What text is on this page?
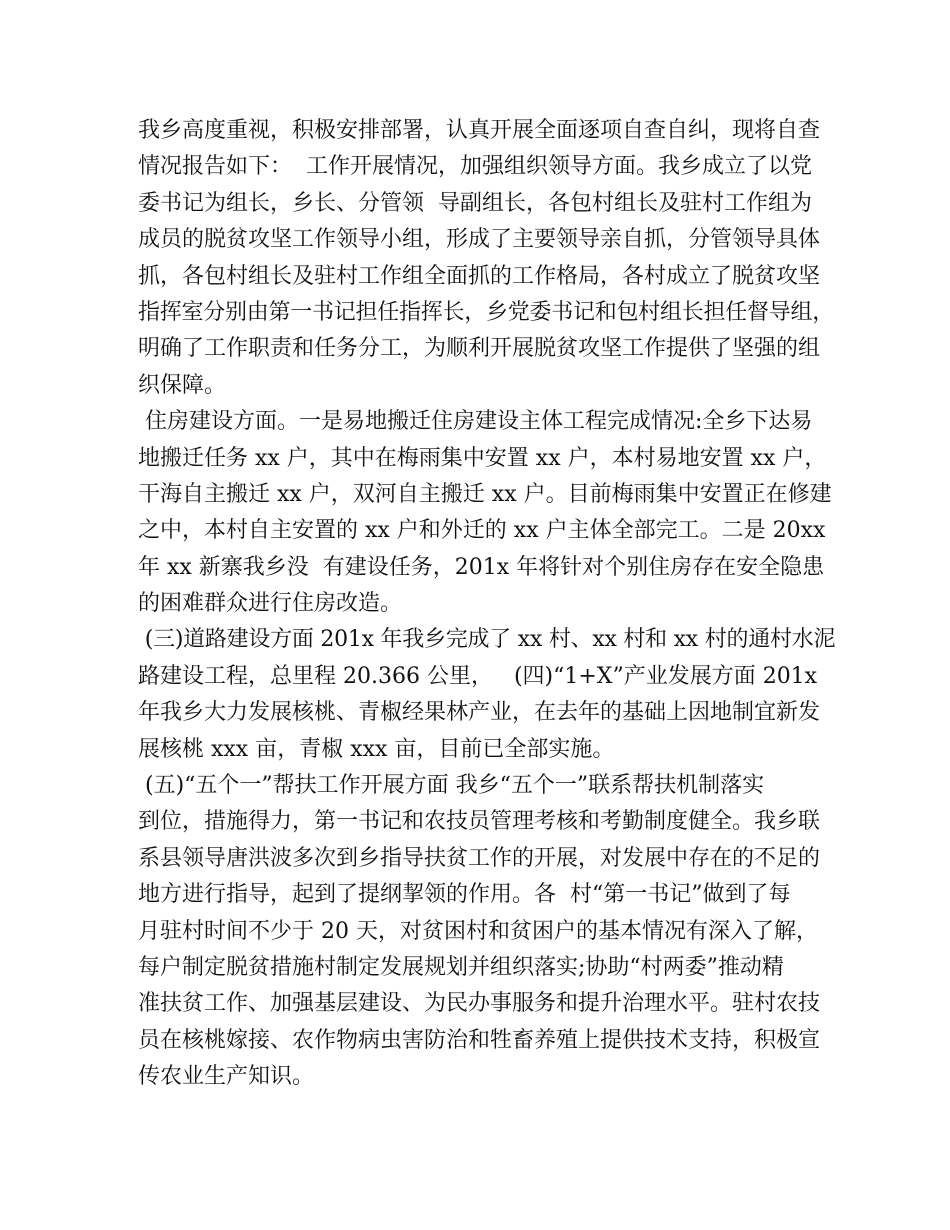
我乡高度重视，积极安排部署，认真开展全面逐项自查自纠，现将自查
情况报告如下：  工作开展情况，加强组织领导方面。我乡成立了以党
委书记为组长，乡长、分管领  导副组长，各包村组长及驻村工作组为
成员的脱贫攻坚工作领导小组，形成了主要领导亲自抓，分管领导具体
抓，各包村组长及驻村工作组全面抓的工作格局，各村成立了脱贫攻坚
指挥室分别由第一书记担任指挥长，乡党委书记和包村组长担任督导组，
明确了工作职责和任务分工，为顺利开展脱贫攻坚工作提供了坚强的组
织保障。
住房建设方面。一是易地搬迁住房建设主体工程完成情况:全乡下达易
地搬迁任务 xx 户，其中在梅雨集中安置 xx 户，本村易地安置 xx 户，
干海自主搬迁 xx 户，双河自主搬迁 xx 户。目前梅雨集中安置正在修建
之中，本村自主安置的 xx 户和外迁的 xx 户主体全部完工。二是 20xx
年 xx 新寨我乡没  有建设任务，201x 年将针对个别住房存在安全隐患
的困难群众进行住房改造。
(三)道路建设方面 201x 年我乡完成了 xx 村、xx 村和 xx 村的通村水泥
路建设工程，总里程 20.366 公里，   (四)“1+X”产业发展方面 201x
年我乡大力发展核桃、青椒经果林产业，在去年的基础上因地制宜新发
展核桃 xxx 亩，青椒 xxx 亩，目前已全部实施。
(五)“五个一”帮扶工作开展方面 我乡“五个一”联系帮扶机制落实
到位，措施得力，第一书记和农技员管理考核和考勤制度健全。我乡联
系县领导唐洪波多次到乡指导扶贫工作的开展，对发展中存在的不足的
地方进行指导，起到了提纲挈领的作用。各  村“第一书记”做到了每
月驻村时间不少于 20 天，对贫困村和贫困户的基本情况有深入了解，
每户制定脱贫措施村制定发展规划并组织落实;协助“村两委”推动精
准扶贫工作、加强基层建设、为民办事服务和提升治理水平。驻村农技
员在核桃嫁接、农作物病虫害防治和牲畜养殖上提供技术支持，积极宣
传农业生产知识。
